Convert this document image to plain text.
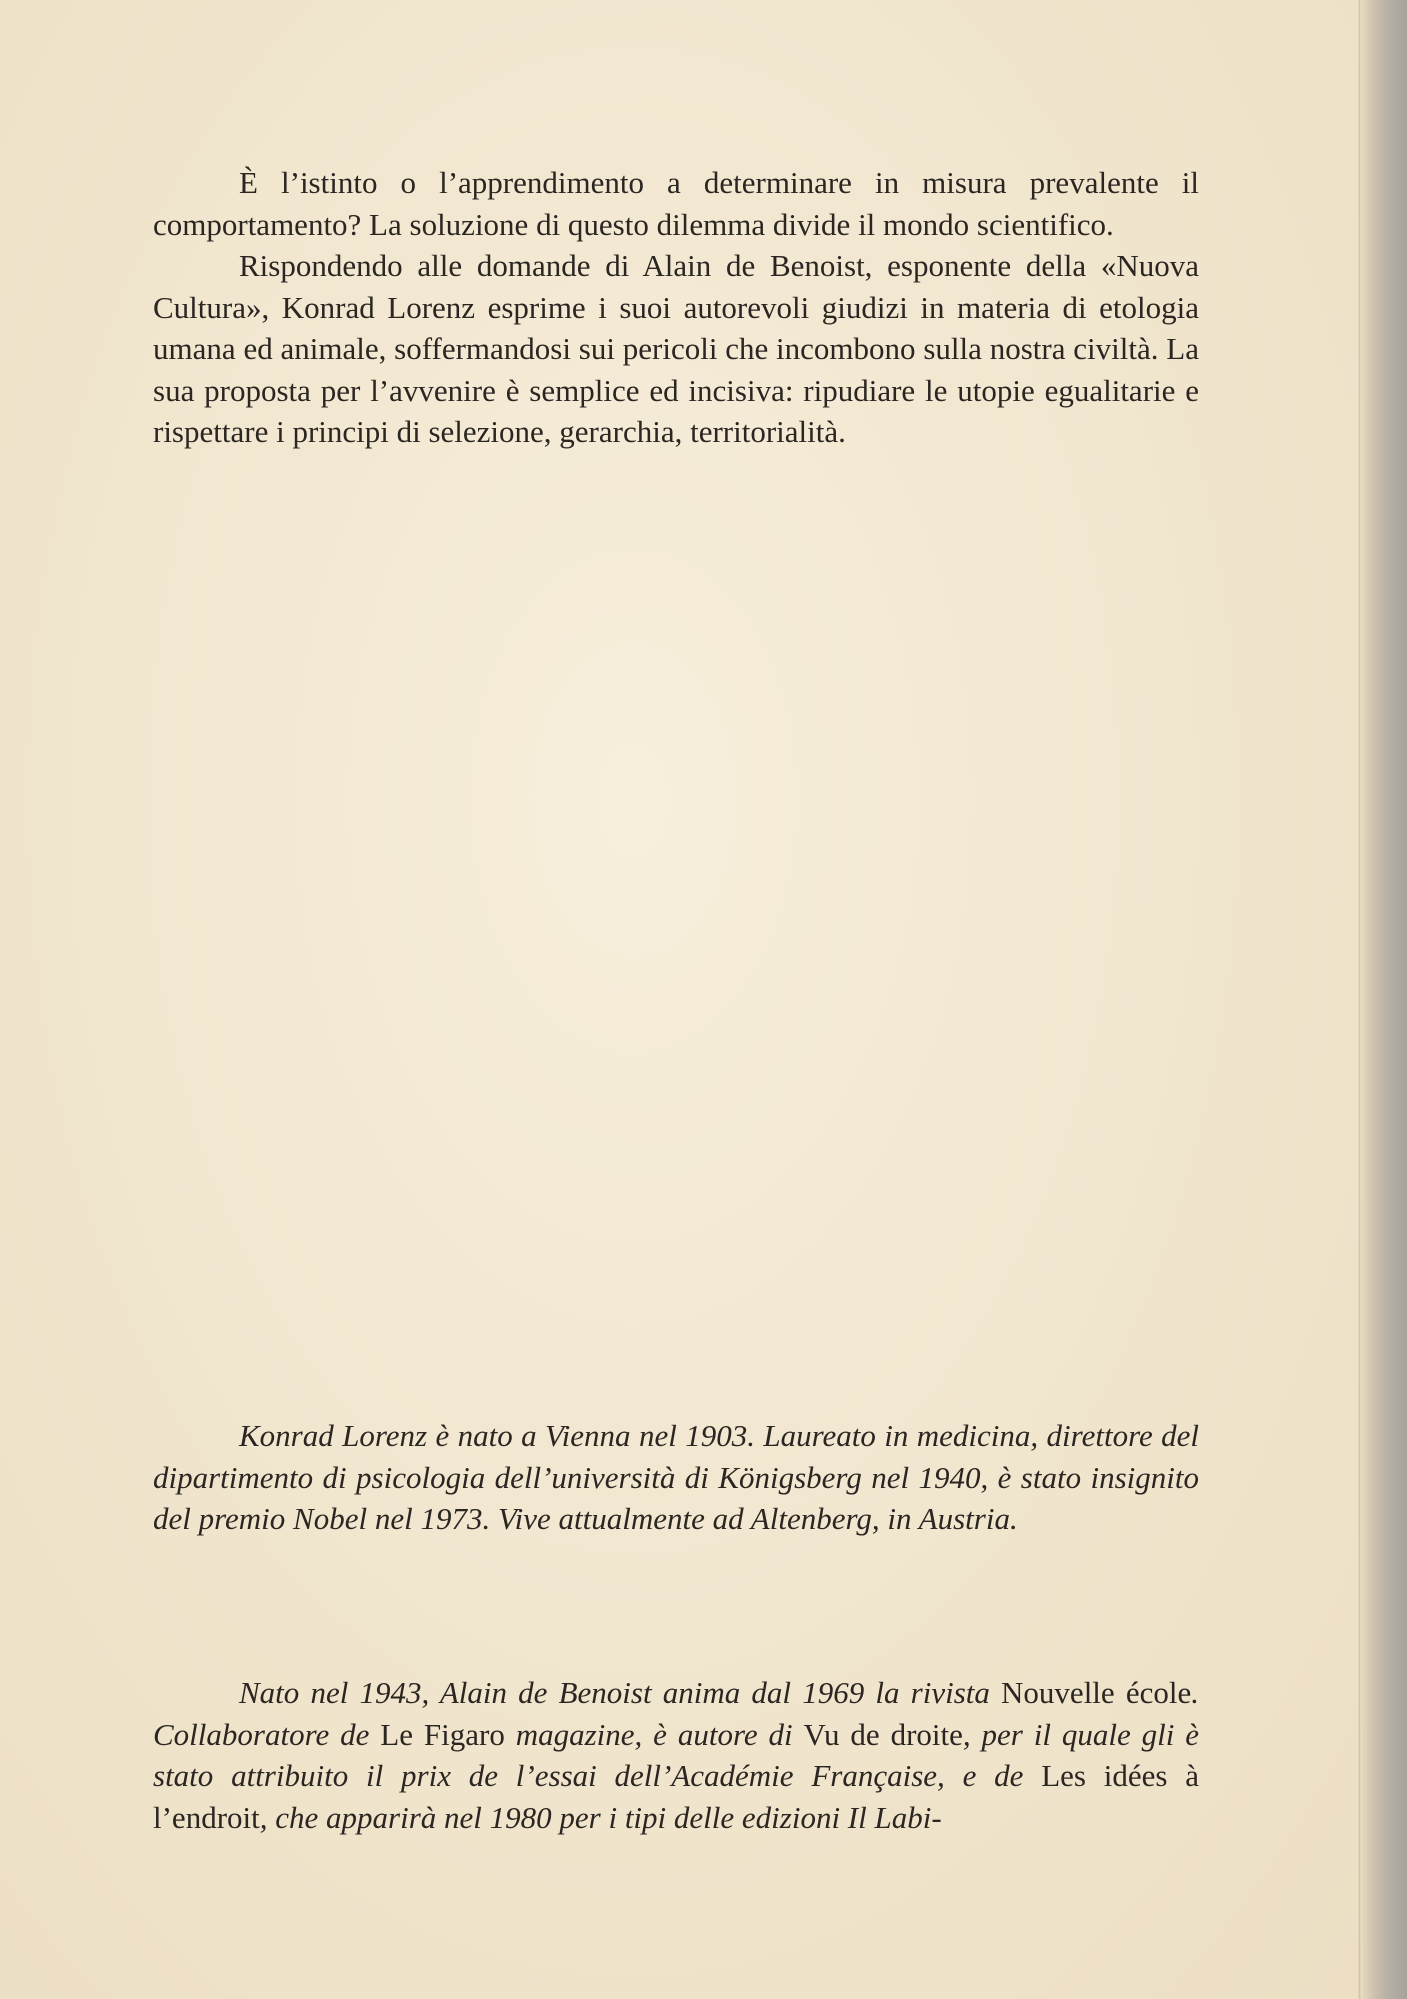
È l’istinto o l’apprendimento a determinare in misura prevalente il comportamento? La soluzione di questo dilemma divide il mondo scientifico.

Rispondendo alle domande di Alain de Benoist, esponente della «Nuova Cultura», Konrad Lorenz esprime i suoi autorevoli giudizi in materia di etologia umana ed animale, soffermandosi sui pericoli che incombono sulla nostra civiltà. La sua proposta per l’avvenire è semplice ed incisiva: ripudiare le utopie egualitarie e rispettare i principi di selezione, gerarchia, territorialità.

Konrad Lorenz è nato a Vienna nel 1903. Laureato in medicina, direttore del dipartimento di psicologia dell’università di Königsberg nel 1940, è stato insignito del premio Nobel nel 1973. Vive attualmente ad Altenberg, in Austria.

Nato nel 1943, Alain de Benoist anima dal 1969 la rivista Nouvelle école. Collaboratore de Le Figaro magazine, è autore di Vu de droite, per il quale gli è stato attribuito il prix de l’essai dell’Académie Française, e de Les idées à l’endroit, che apparirà nel 1980 per i tipi delle edizioni Il Labi-
